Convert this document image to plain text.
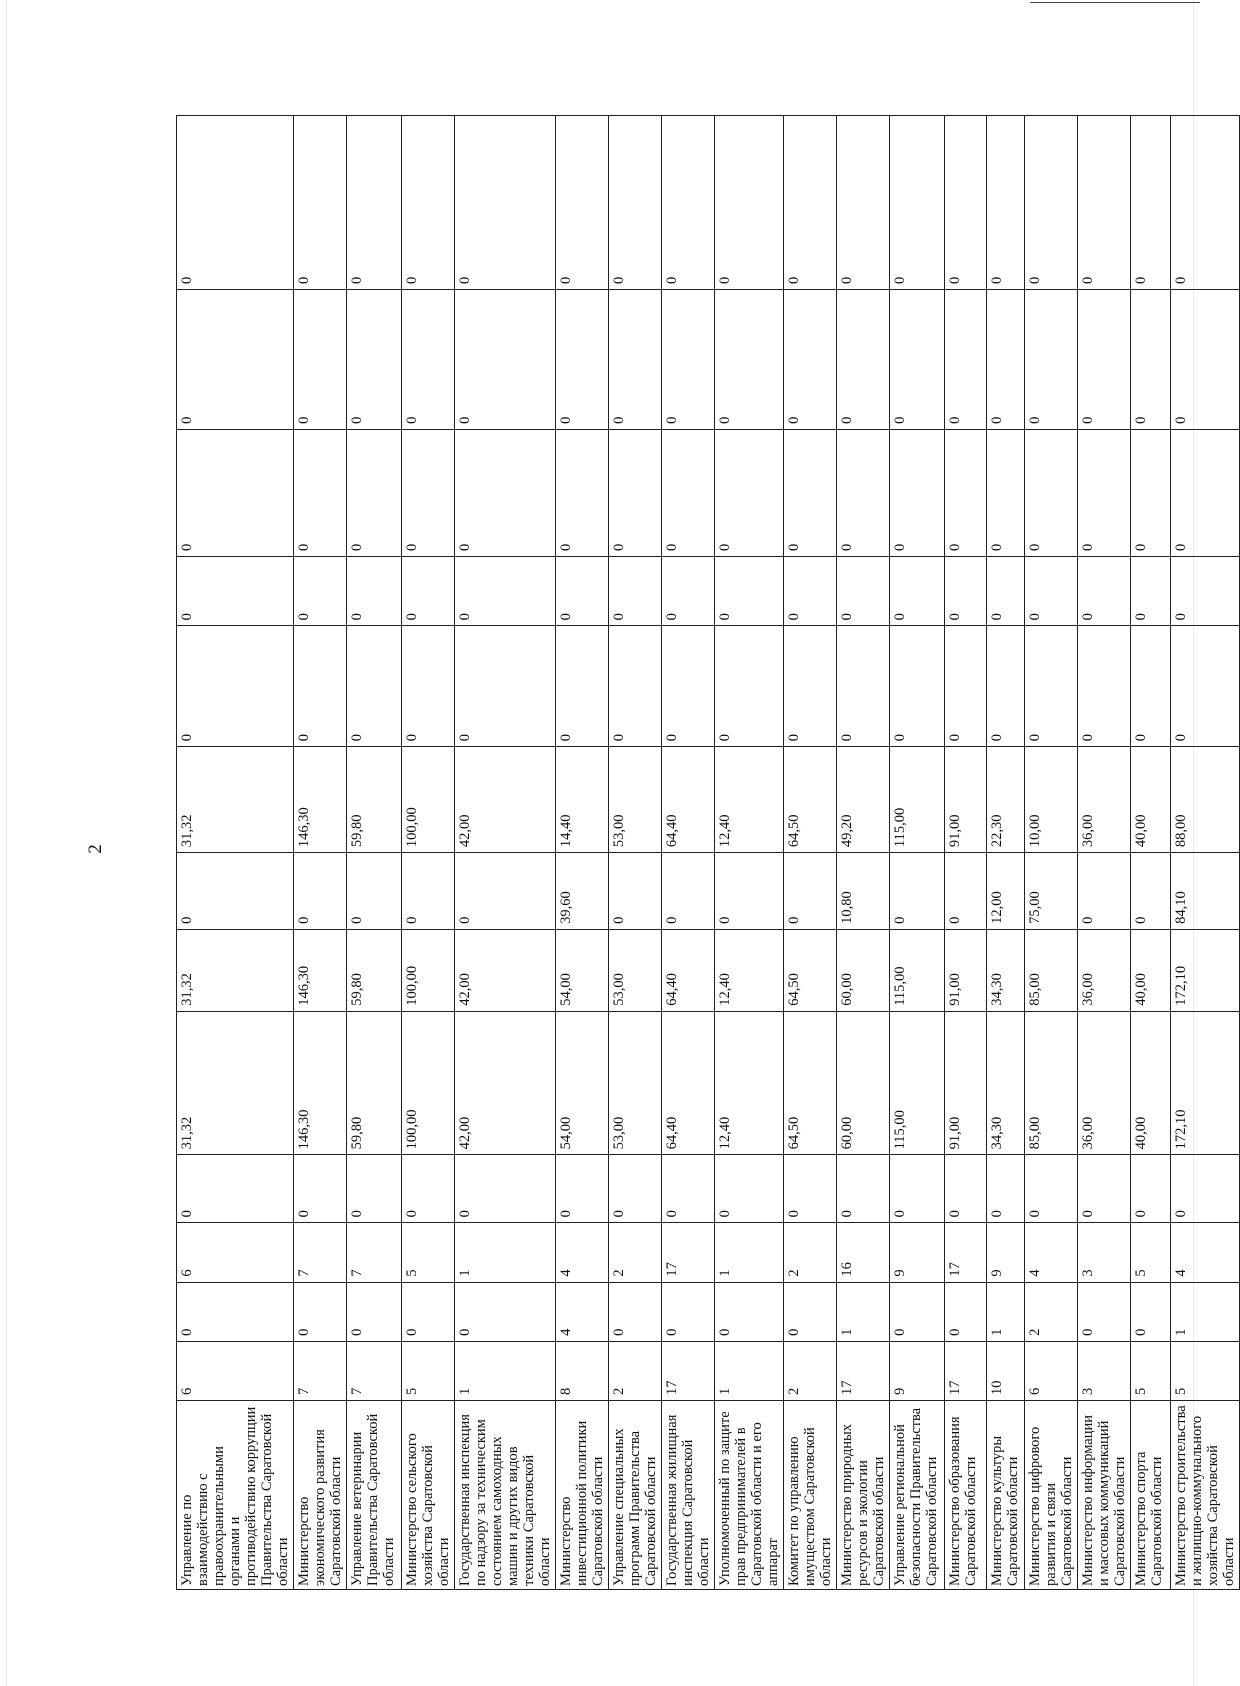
2
Управление по взаимодействию с правоохранительными органами и противодействию коррупции Правительства Саратовской области	6	0	6	0	31,32	31,32	0	31,32	0	0	0	0	0
Министерство экономического развития Саратовской области	7	0	7	0	146,30	146,30	0	146,30	0	0	0	0	0
Управление ветеринарии Правительства Саратовской области	7	0	7	0	59,80	59,80	0	59,80	0	0	0	0	0
Министерство сельского хозяйства Саратовской области	5	0	5	0	100,00	100,00	0	100,00	0	0	0	0	0
Государственная инспекция по надзору за техническим состоянием самоходных машин и других видов техники Саратовской области	1	0	1	0	42,00	42,00	0	42,00	0	0	0	0	0
Министерство инвестиционной политики Саратовской области	8	4	4	0	54,00	54,00	39,60	14,40	0	0	0	0	0
Управление специальных программ Правительства Саратовской области	2	0	2	0	53,00	53,00	0	53,00	0	0	0	0	0
Государственная жилищная инспекция Саратовской области	17	0	17	0	64,40	64,40	0	64,40	0	0	0	0	0
Уполномоченный по защите прав предпринимателей в Саратовской области и его аппарат	1	0	1	0	12,40	12,40	0	12,40	0	0	0	0	0
Комитет по управлению имуществом Саратовской области	2	0	2	0	64,50	64,50	0	64,50	0	0	0	0	0
Министерство природных ресурсов и экологии Саратовской области	17	1	16	0	60,00	60,00	10,80	49,20	0	0	0	0	0
Управление региональной безопасности Правительства Саратовской области	9	0	9	0	115,00	115,00	0	115,00	0	0	0	0	0
Министерство образования Саратовской области	17	0	17	0	91,00	91,00	0	91,00	0	0	0	0	0
Министерство культуры Саратовской области	10	1	9	0	34,30	34,30	12,00	22,30	0	0	0	0	0
Министерство цифрового развития и связи Саратовской области	6	2	4	0	85,00	85,00	75,00	10,00	0	0	0	0	0
Министерство информации и массовых коммуникаций Саратовской области	3	0	3	0	36,00	36,00	0	36,00	0	0	0	0	0
Министерство спорта Саратовской области	5	0	5	0	40,00	40,00	0	40,00	0	0	0	0	0
Министерство строительства и жилищно-коммунального хозяйства Саратовской области	5	1	4	0	172,10	172,10	84,10	88,00	0	0	0	0	0
